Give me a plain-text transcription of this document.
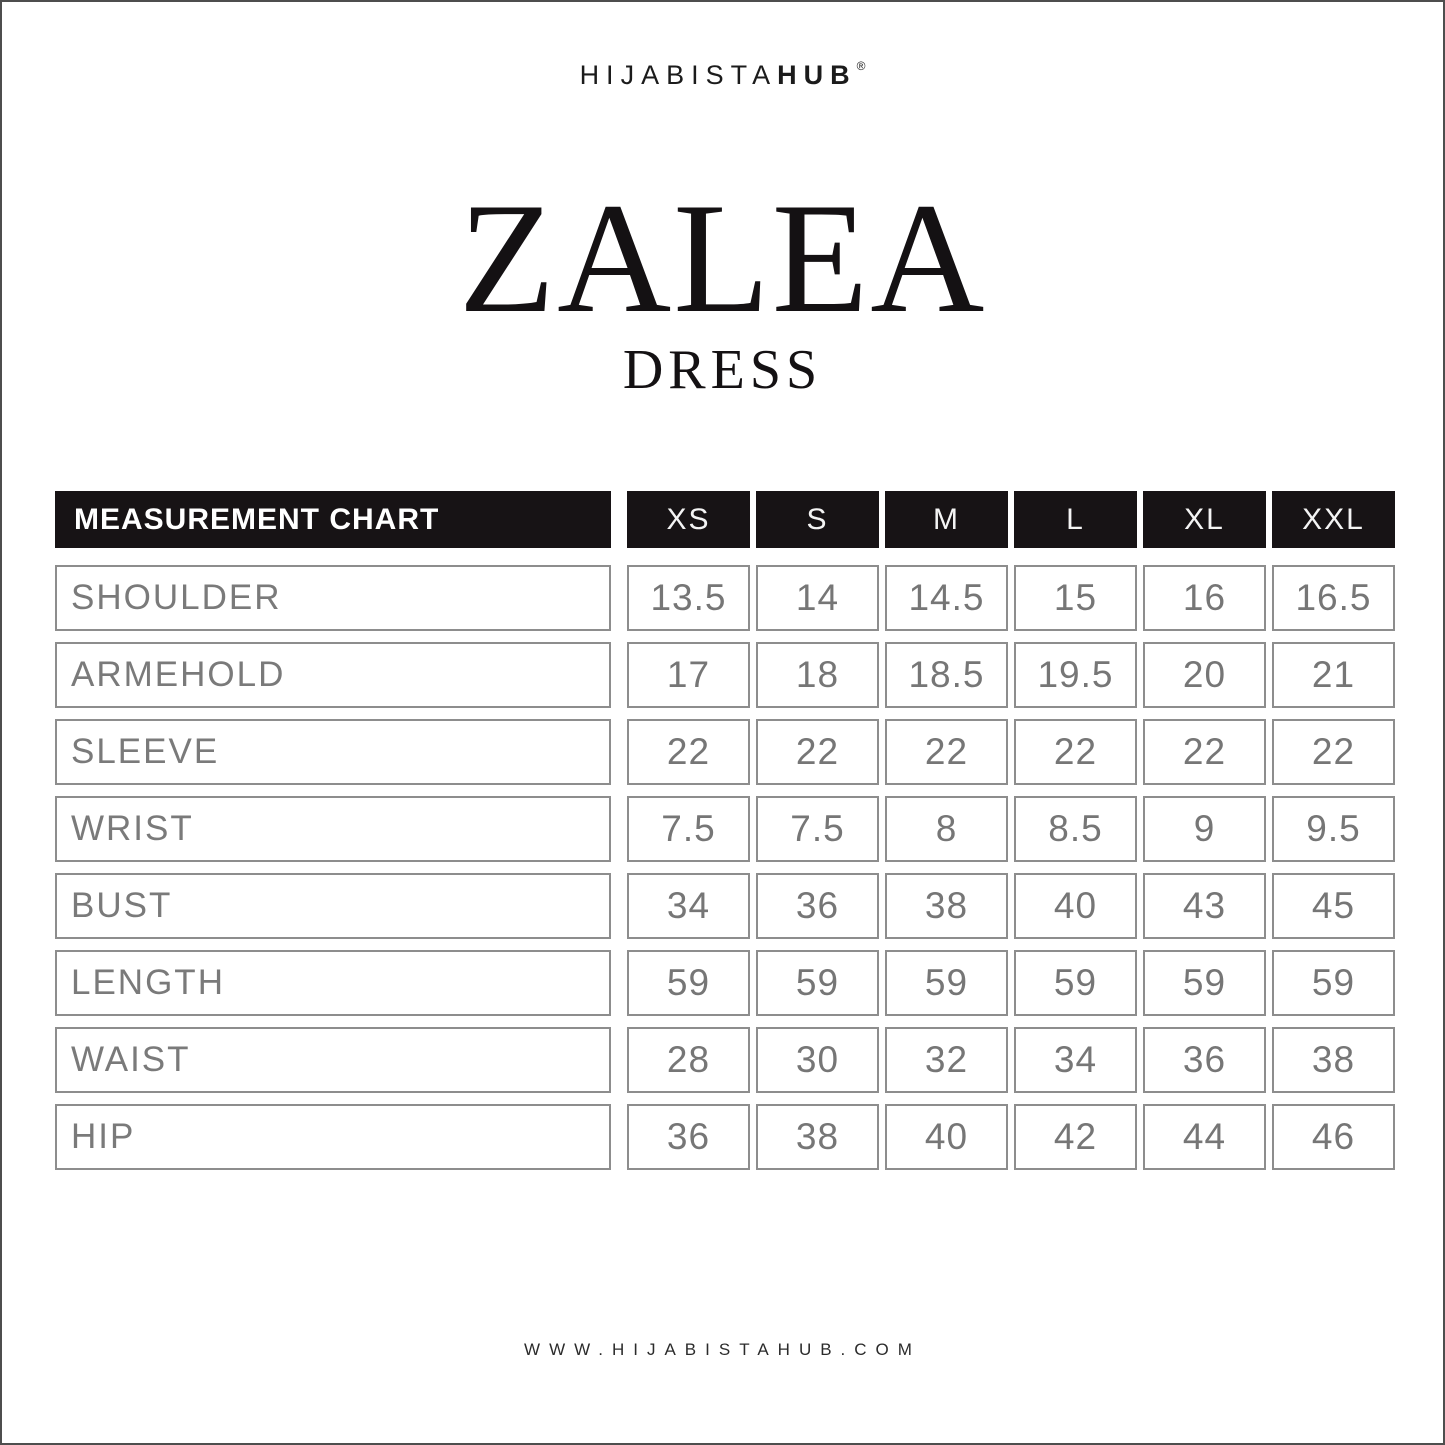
HIJABISTAHUB®
ZALEA
DRESS
MEASUREMENT CHART	XS	S	M	L	XL	XXL
SHOULDER	13.5	14	14.5	15	16	16.5
ARMEHOLD	17	18	18.5	19.5	20	21
SLEEVE	22	22	22	22	22	22
WRIST	7.5	7.5	8	8.5	9	9.5
BUST	34	36	38	40	43	45
LENGTH	59	59	59	59	59	59
WAIST	28	30	32	34	36	38
HIP	36	38	40	42	44	46
WWW.HIJABISTAHUB.COM
